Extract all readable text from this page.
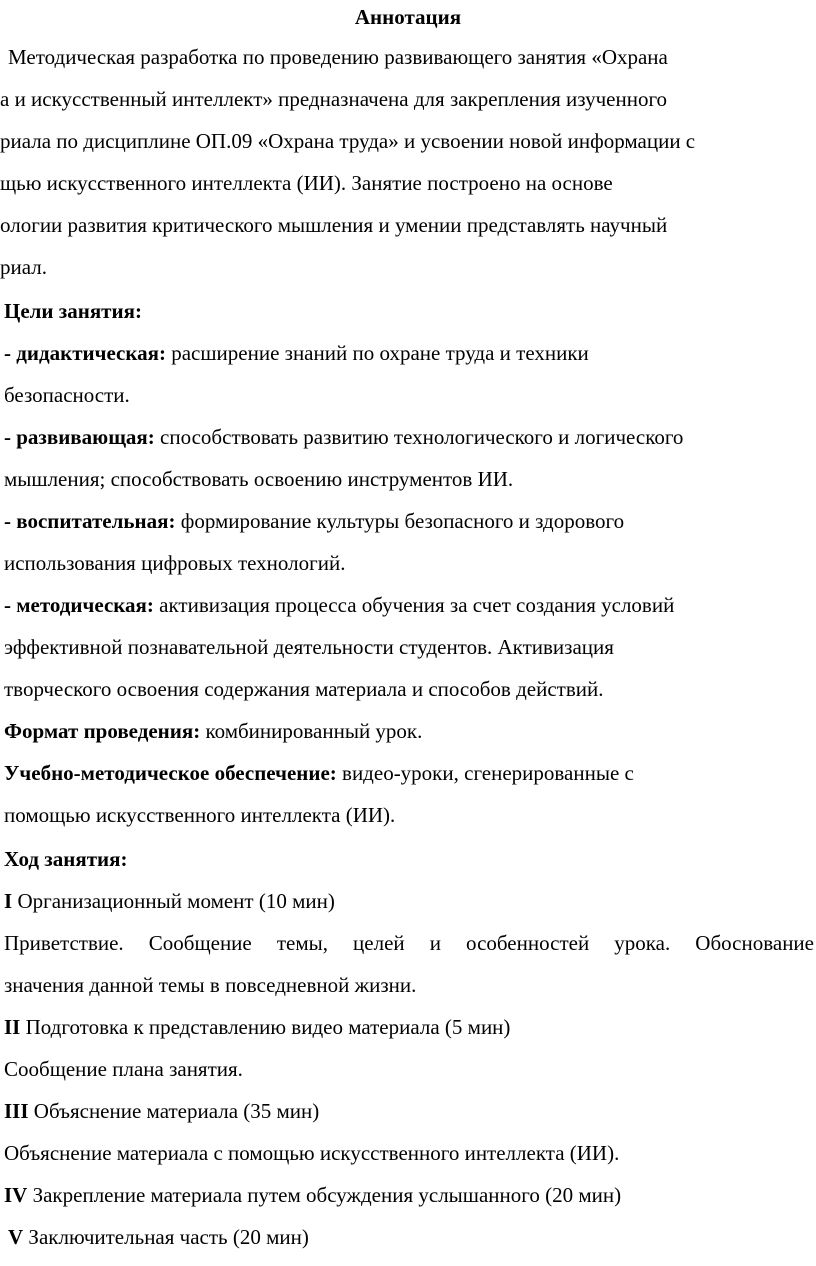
Аннотация
Методическая разработка по проведению развивающего занятия «Охрана
а и искусственный интеллект» предназначена для закрепления изученного
риала по дисциплине ОП.09 «Охрана труда» и усвоении новой информации с
щью искусственного интеллекта (ИИ). Занятие построено на основе
ологии развития критического мышления и умении представлять научный
риал.
Цели занятия:
- дидактическая: расширение знаний по охране труда и техники
безопасности.
- развивающая: способствовать развитию технологического и логического
мышления; способствовать освоению инструментов ИИ.
- воспитательная: формирование культуры безопасного и здорового
использования цифровых технологий.
- методическая: активизация процесса обучения за счет создания условий
эффективной познавательной деятельности студентов. Активизация
творческого освоения содержания материала и способов действий.
Формат проведения: комбинированный урок.
Учебно-методическое обеспечение: видео-уроки, сгенерированные с
помощью искусственного интеллекта (ИИ).
Ход занятия:
I Организационный момент (10 мин)
Приветствие. Сообщение темы, целей и особенностей урока. Обоснование
значения данной темы в повседневной жизни.
II Подготовка к представлению видео материала (5 мин)
Сообщение плана занятия.
III Объяснение материала (35 мин)
Объяснение материала с помощью искусственного интеллекта (ИИ).
IV Закрепление материала путем обсуждения услышанного (20 мин)
V Заключительная часть (20 мин)
